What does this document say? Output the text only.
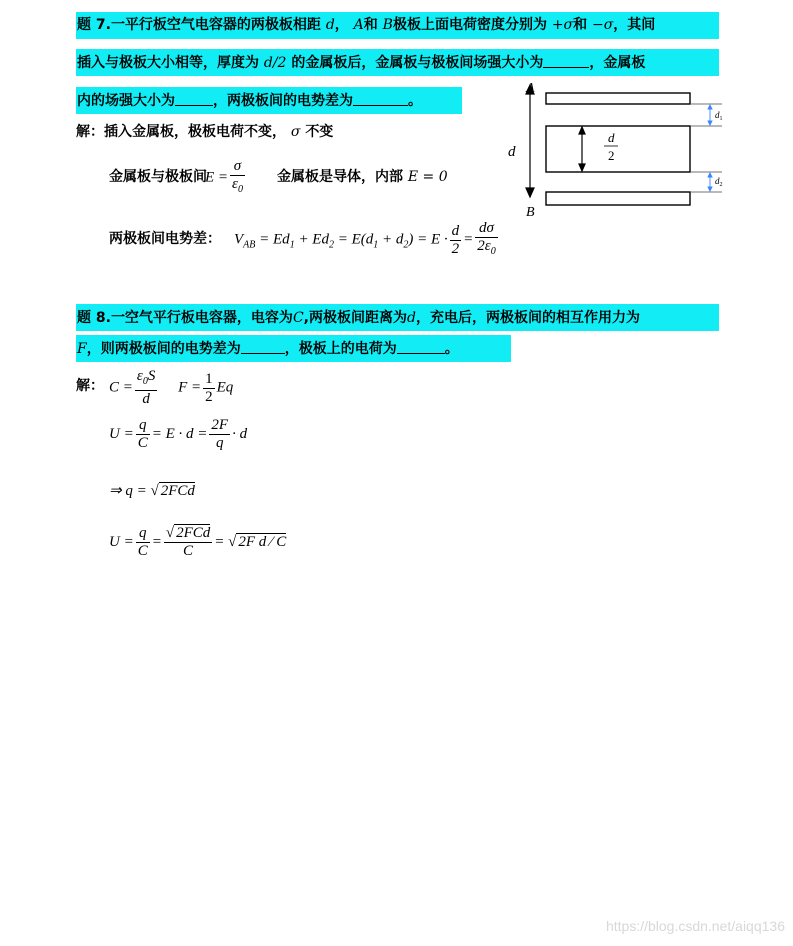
题 7.一平行板空气电容器的两极板相距 d， A和 B极板上面电荷密度分别为 +σ和 −σ，其间
插入与极板大小相等，厚度为 d/2 的金属板后，金属板与极板间场强大小为	，金属板
内的场强大小为	，两极板间的电势差为	。
解：插入金属板，极板电荷不变， σ 不变
金属板与极板间
$E = \frac{\sigma}{\varepsilon_0}$ 金属板是导体，内部 E = 0
两极板间电势差： $V_{AB} = Ed_1 + Ed_2 = E(d_1 + d_2) = E \cdot \frac{d}{2} = \frac{d\sigma}{2\varepsilon_0}$
A
B
d
d
2
$d_1$
$d_2$
题 8.一空气平行板电容器，电容为C,两极板间距离为d，充电后，两极板间的相互作用力为
F，则两极板间的电势差为	，极板上的电荷为	。
解： $C = \frac{\varepsilon_0S}{d}$ $F = \frac{1}{2}$ Eq
$U = \frac{q}{C} = E \cdot d = \frac{2F}{q} \cdot d$
⇒ q = √ 2FCd
$U = \frac{q}{C} = \frac{\text{√ 2FCd}}{C}$ = √ 2F d ⁄ C
https://blog.csdn.net/aiqq136
